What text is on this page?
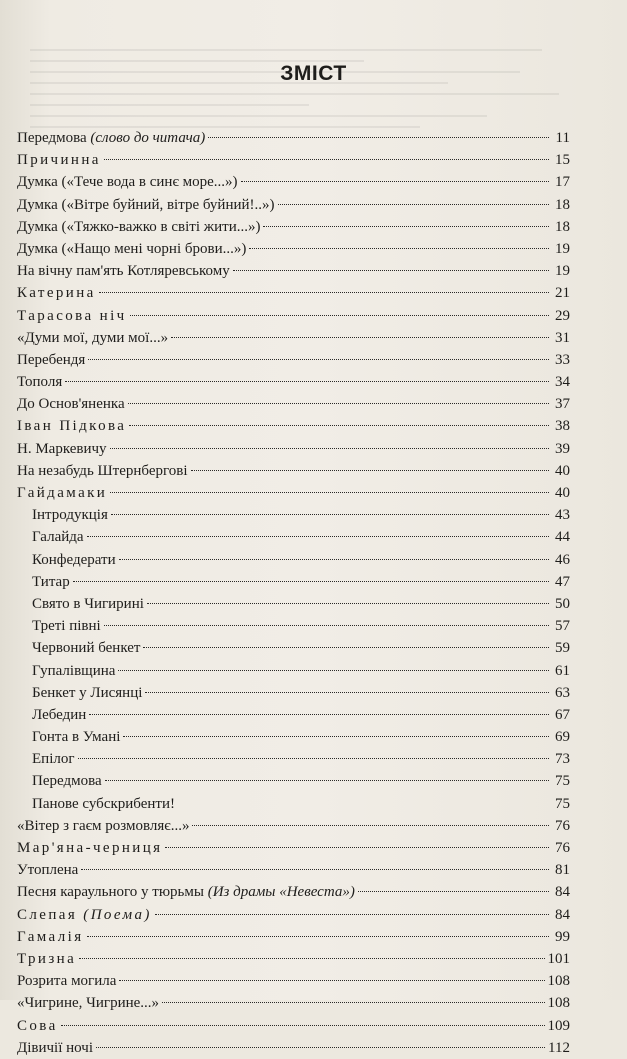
ЗМІСТ
Передмова (слово до читача)	11
Причинна	15
Думка («Тече вода в синє море...»)	17
Думка («Вітре буйний, вітре буйний!..»)	18
Думка («Тяжко-важко в світі жити...»)	18
Думка («Нащо мені чорні брови...»)	19
На вічну пам'ять Котляревському	19
Катерина	21
Тарасова ніч	29
«Думи мої, думи мої...»	31
Перебендя	33
Тополя	34
До Основ'яненка	37
Іван Підкова	38
Н. Маркевичу	39
На незабудь Штернбергові	40
Гайдамаки	40
Інтродукція	43
Галайда	44
Конфедерати	46
Титар	47
Свято в Чигирині	50
Треті півні	57
Червоний бенкет	59
Гупалівщина	61
Бенкет у Лисянці	63
Лебедин	67
Гонта в Умані	69
Епілог	73
Передмова	75
Панове субскрибенти!	75
«Вітер з гаєм розмовляє...»	76
Мар'яна-черниця	76
Утоплена	81
Песня караульного у тюрьмы (Из драмы «Невеста»)	84
Слепая (Поема)	84
Гамалія	99
Тризна	101
Розрита могила	108
«Чигрине, Чигрине...»	108
Сова	109
Дівичії ночі	112
